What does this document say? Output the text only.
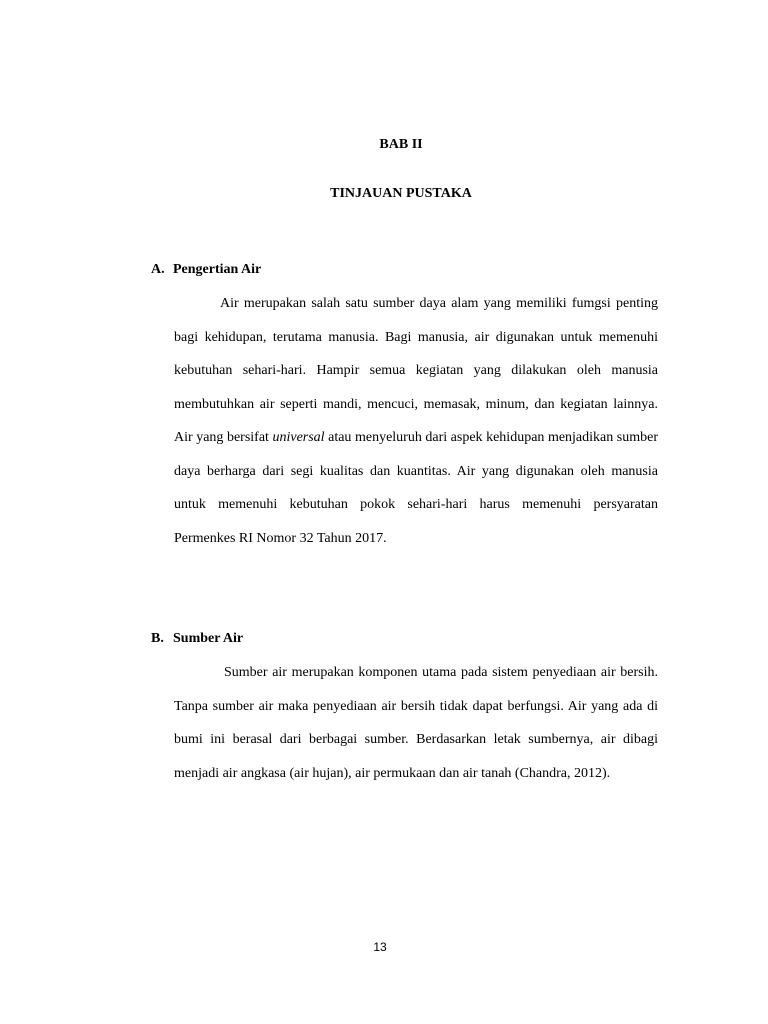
BAB II
TINJAUAN PUSTAKA
A. Pengertian Air

Air merupakan salah satu sumber daya alam yang memiliki fumgsi penting bagi kehidupan, terutama manusia. Bagi manusia, air digunakan untuk memenuhi kebutuhan sehari-hari. Hampir semua kegiatan yang dilakukan oleh manusia membutuhkan air seperti mandi, mencuci, memasak, minum, dan kegiatan lainnya. Air yang bersifat universal atau menyeluruh dari aspek kehidupan menjadikan sumber daya berharga dari segi kualitas dan kuantitas. Air yang digunakan oleh manusia untuk memenuhi kebutuhan pokok sehari-hari harus memenuhi persyaratan Permenkes RI Nomor 32 Tahun 2017.

B. Sumber Air

Sumber air merupakan komponen utama pada sistem penyediaan air bersih. Tanpa sumber air maka penyediaan air bersih tidak dapat berfungsi. Air yang ada di bumi ini berasal dari berbagai sumber. Berdasarkan letak sumbernya, air dibagi menjadi air angkasa (air hujan), air permukaan dan air tanah (Chandra, 2012).

13
